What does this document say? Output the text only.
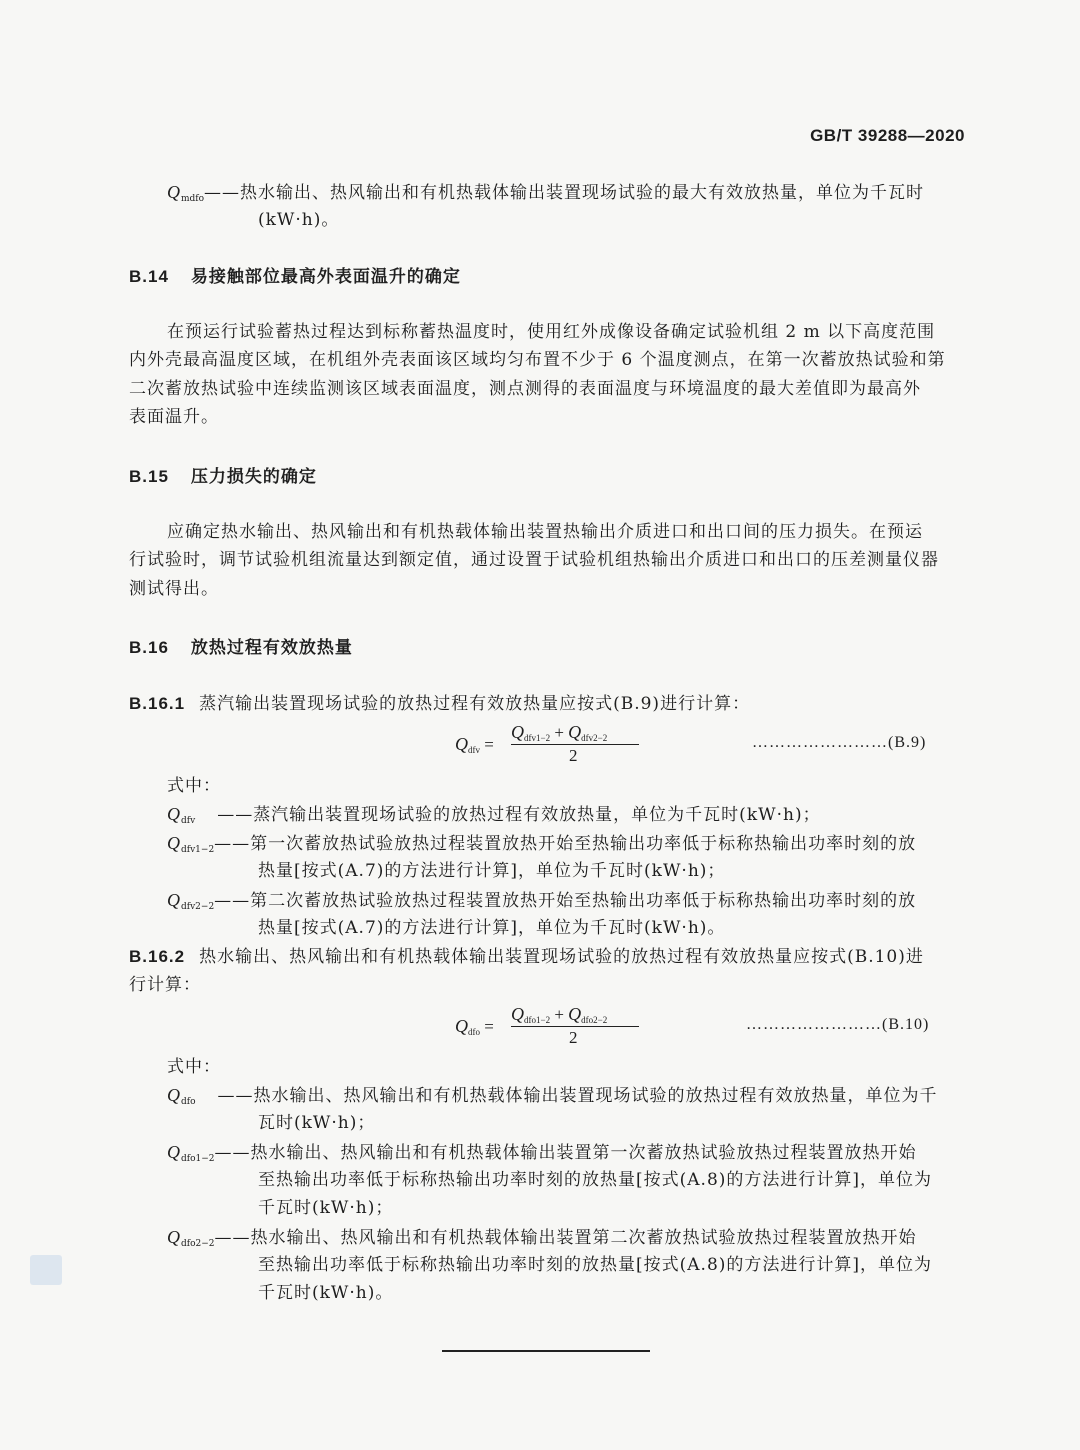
GB/T 39288—2020
$Q_{mdfo}——$热水输出、热风输出和有机热载体输出装置现场试验的最大有效放热量，单位为千瓦时
(kW·h)。
B.14 易接触部位最高外表面温升的确定
在预运行试验蓄热过程达到标称蓄热温度时，使用红外成像设备确定试验机组 2 m 以下高度范围
内外壳最高温度区域，在机组外壳表面该区域均匀布置不少于 6 个温度测点，在第一次蓄放热试验和第
二次蓄放热试验中连续监测该区域表面温度，测点测得的表面温度与环境温度的最大差值即为最高外
表面温升。
B.15 压力损失的确定
应确定热水输出、热风输出和有机热载体输出装置热输出介质进口和出口间的压力损失。在预运
行试验时，调节试验机组流量达到额定值，通过设置于试验机组热输出介质进口和出口的压差测量仪器
测试得出。
B.16 放热过程有效放热量
B.16.1 蒸汽输出装置现场试验的放热过程有效放热量应按式(B.9)进行计算：
$Q_{dfv}$ =
$Q_{dfv1-2} + Q_{dfv2-2}$
2
……………………(B.9)
式中：
$Q_{dfv}$ ——蒸汽输出装置现场试验的放热过程有效放热量，单位为千瓦时(kW·h)；
$Q_{dfv1-2}——$第一次蓄放热试验放热过程装置放热开始至热输出功率低于标称热输出功率时刻的放
热量[按式(A.7)的方法进行计算]，单位为千瓦时(kW·h)；
$Q_{dfv2-2}——$第二次蓄放热试验放热过程装置放热开始至热输出功率低于标称热输出功率时刻的放
热量[按式(A.7)的方法进行计算]，单位为千瓦时(kW·h)。
B.16.2 热水输出、热风输出和有机热载体输出装置现场试验的放热过程有效放热量应按式(B.10)进
行计算：
$Q_{dfo}$ =
$Q_{dfo1-2} + Q_{dfo2-2}$
2
……………………(B.10)
式中：
$Q_{dfo}$ ——热水输出、热风输出和有机热载体输出装置现场试验的放热过程有效放热量，单位为千
瓦时(kW·h)；
$Q_{dfo1-2}——$热水输出、热风输出和有机热载体输出装置第一次蓄放热试验放热过程装置放热开始
至热输出功率低于标称热输出功率时刻的放热量[按式(A.8)的方法进行计算]，单位为
千瓦时(kW·h)；
$Q_{dfo2-2}——$热水输出、热风输出和有机热载体输出装置第二次蓄放热试验放热过程装置放热开始
至热输出功率低于标称热输出功率时刻的放热量[按式(A.8)的方法进行计算]，单位为
千瓦时(kW·h)。
